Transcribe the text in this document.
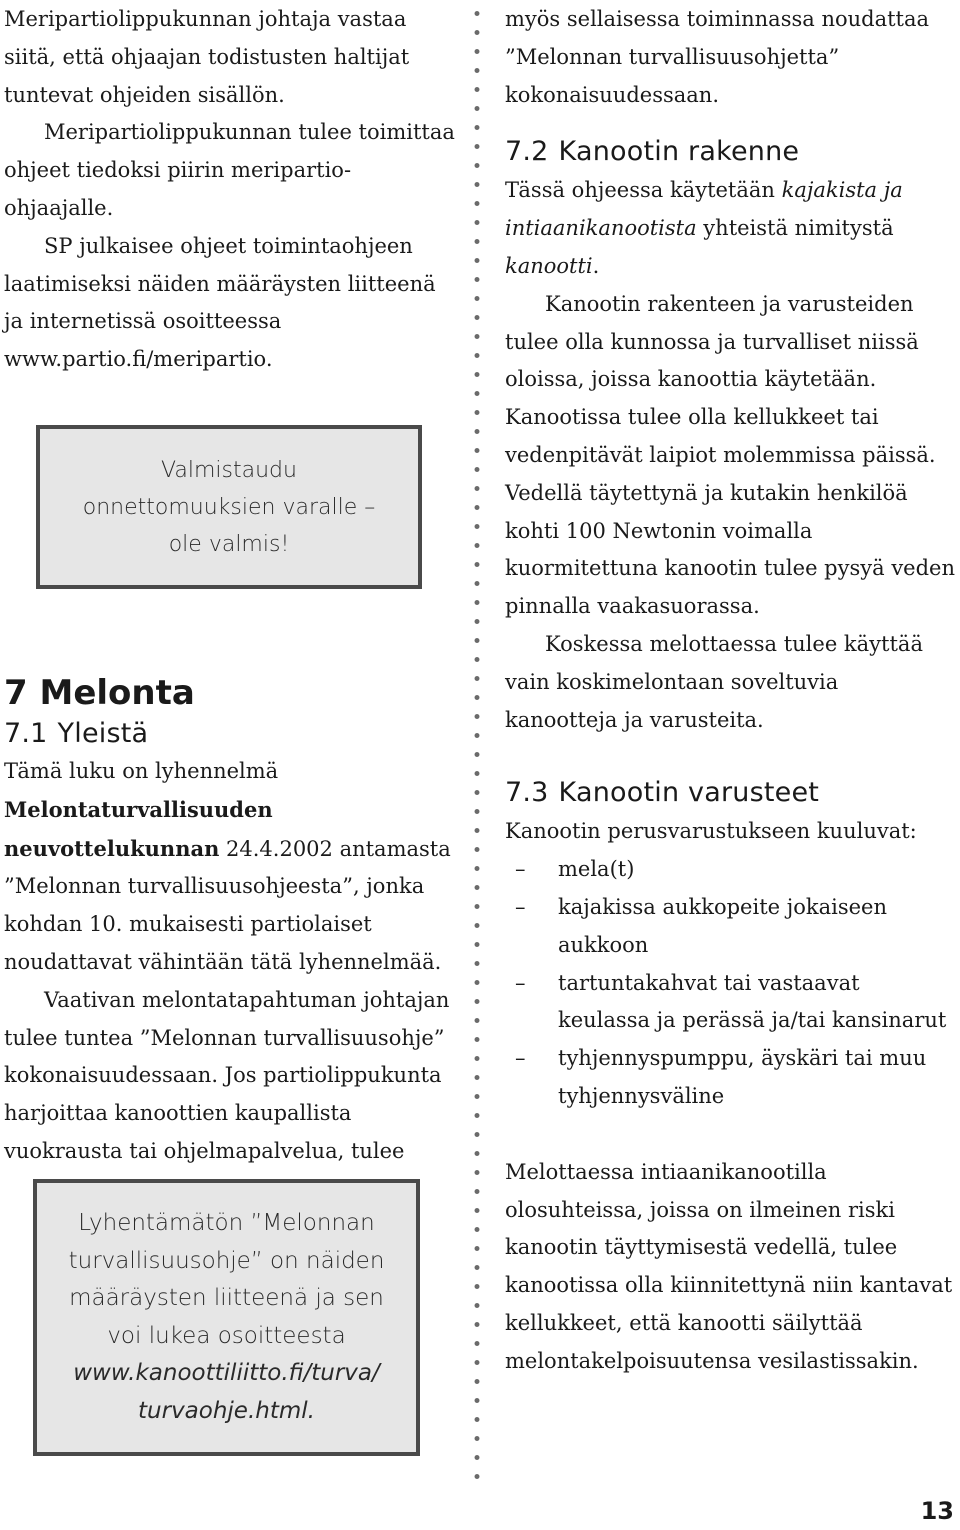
Meripartiolippukunnan johtaja vastaa siitä, että ohjaajan todistusten haltijat tuntevat ohjeiden sisällön.

Meripartiolippukunnan tulee toimittaa ohjeet tiedoksi piirin meripartio-ohjaajalle.

SP julkaisee ohjeet toimintaohjeen laatimiseksi näiden määräysten liitteenä ja internetissä osoitteessa www.partio.fi/meripartio.

Valmistaudu
onnettomuuksien varalle –
ole valmis!
7 Melonta
7.1 Yleistä

Tämä luku on lyhennelmä Melontaturvallisuuden neuvottelukunnan 24.4.2002 antamasta ”Melonnan turvallisuusohjeesta”, jonka kohdan 10. mukaisesti partiolaiset noudattavat vähintään tätä lyhennelmää.

Vaativan melontatapahtuman johtajan tulee tuntea ”Melonnan turvallisuusohje” kokonaisuudessaan. Jos partiolippukunta harjoittaa kanoottien kaupallista vuokrausta tai ohjelmapalvelua, tulee

Lyhentämätön ”Melonnan
turvallisuusohje” on näiden
määräysten liitteenä ja sen
voi lukea osoitteesta
www.kanoottiliitto.fi/turva/
turvaohje.html.

myös sellaisessa toiminnassa noudattaa ”Melonnan turvallisuusohjetta” kokonaisuudessaan.

7.2 Kanootin rakenne

Tässä ohjeessa käytetään kajakista ja intiaanikanootista yhteistä nimitystä kanootti.

Kanootin rakenteen ja varusteiden tulee olla kunnossa ja turvalliset niissä oloissa, joissa kanoottia käytetään. Kanootissa tulee olla kellukkeet tai vedenpitävät laipiot molemmissa päissä. Vedellä täytettynä ja kutakin henkilöä kohti 100 Newtonin voimalla kuormitettuna kanootin tulee pysyä veden pinnalla vaakasuorassa.

Koskessa melottaessa tulee käyttää vain koskimelontaan soveltuvia kanootteja ja varusteita.

7.3 Kanootin varusteet

Kanootin perusvarustukseen kuuluvat:

– mela(t)
– kajakissa aukkopeite jokaiseen aukkoon
– tartuntakahvat tai vastaavat keulassa ja perässä ja/tai kansinarut
– tyhjennyspumppu, äyskäri tai muu tyhjennysväline

Melottaessa intiaanikanootilla olosuhteissa, joissa on ilmeinen riski kanootin täyttymisestä vedellä, tulee kanootissa olla kiinnitettynä niin kantavat kellukkeet, että kanootti säilyttää melontakelpoisuutensa vesilastissakin.

13
